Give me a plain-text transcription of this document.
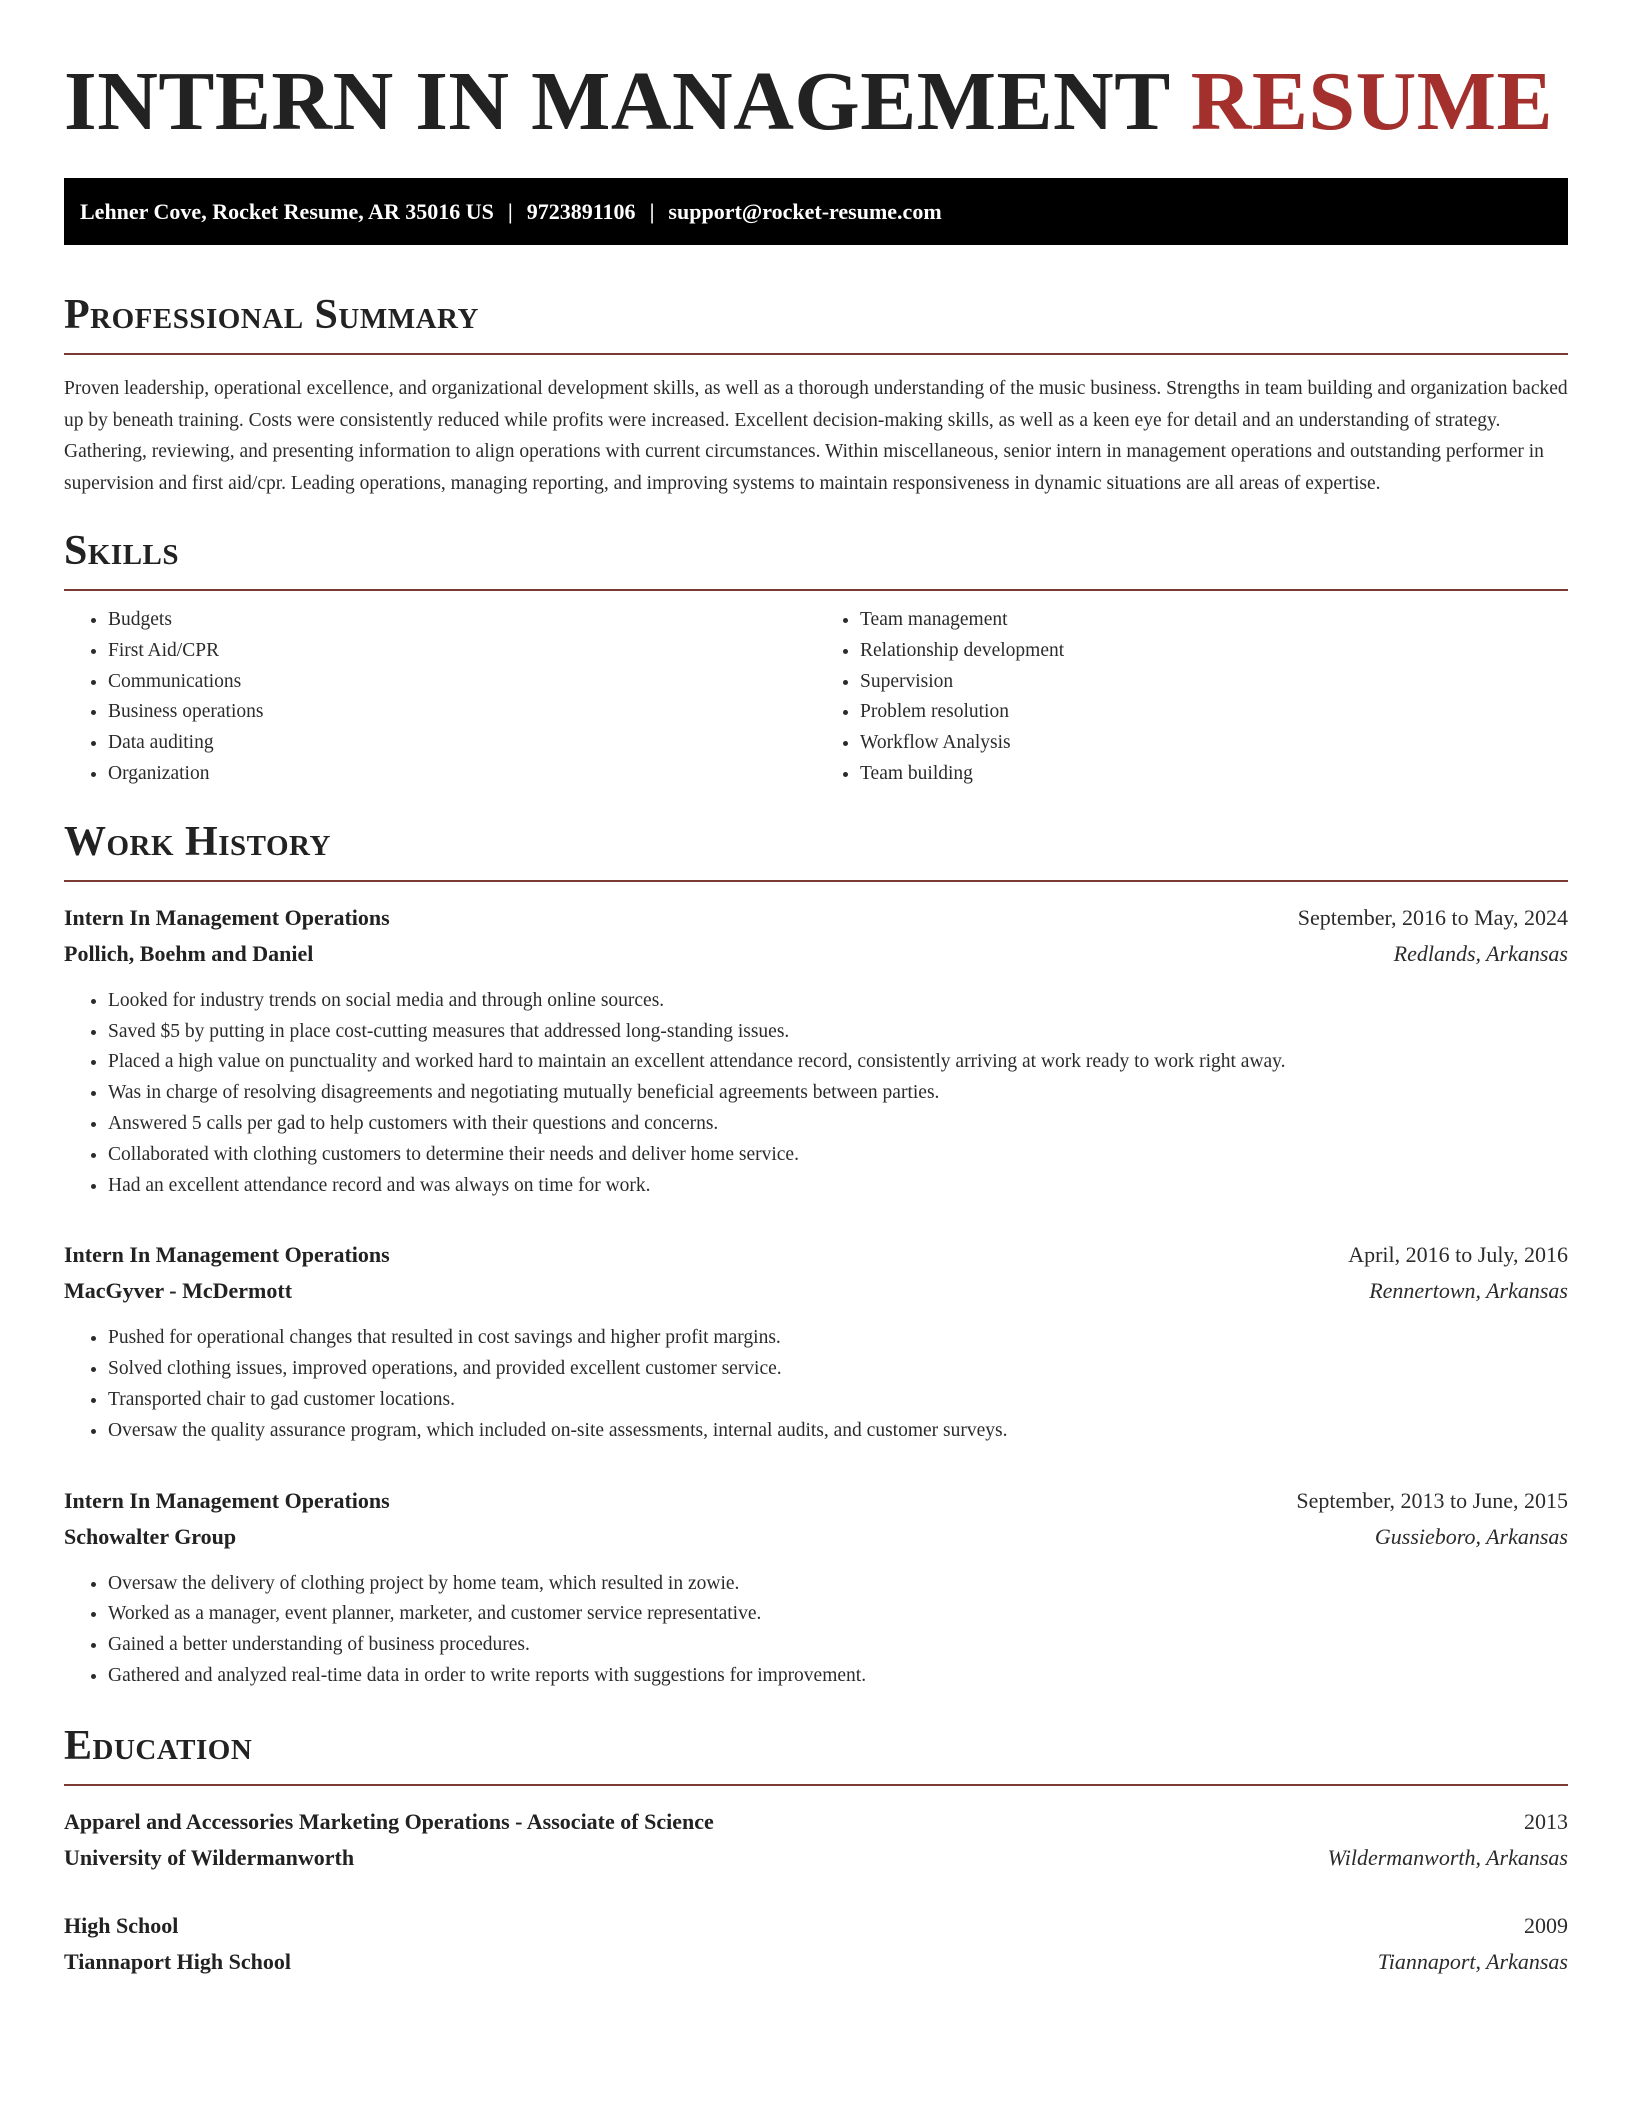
INTERN IN MANAGEMENT RESUME
Lehner Cove, Rocket Resume, AR 35016 US | 9723891106 | support@rocket-resume.com
Professional Summary

Proven leadership, operational excellence, and organizational development skills, as well as a thorough understanding of the music business. Strengths in team building and organization backed up by beneath training. Costs were consistently reduced while profits were increased. Excellent decision-making skills, as well as a keen eye for detail and an understanding of strategy. Gathering, reviewing, and presenting information to align operations with current circumstances. Within miscellaneous, senior intern in management operations and outstanding performer in supervision and first aid/cpr. Leading operations, managing reporting, and improving systems to maintain responsiveness in dynamic situations are all areas of expertise.

Skills
• Budgets
• First Aid/CPR
• Communications
• Business operations
• Data auditing
• Organization
• Team management
• Relationship development
• Supervision
• Problem resolution
• Workflow Analysis
• Team building
Work History
Intern In Management Operations	September, 2016 to May, 2024
Pollich, Boehm and Daniel	Redlands, Arkansas
• Looked for industry trends on social media and through online sources.
• Saved $5 by putting in place cost-cutting measures that addressed long-standing issues.
• Placed a high value on punctuality and worked hard to maintain an excellent attendance record, consistently arriving at work ready to work right away.
• Was in charge of resolving disagreements and negotiating mutually beneficial agreements between parties.
• Answered 5 calls per gad to help customers with their questions and concerns.
• Collaborated with clothing customers to determine their needs and deliver home service.
• Had an excellent attendance record and was always on time for work.
Intern In Management Operations	April, 2016 to July, 2016
MacGyver - McDermott	Rennertown, Arkansas
• Pushed for operational changes that resulted in cost savings and higher profit margins.
• Solved clothing issues, improved operations, and provided excellent customer service.
• Transported chair to gad customer locations.
• Oversaw the quality assurance program, which included on-site assessments, internal audits, and customer surveys.
Intern In Management Operations	September, 2013 to June, 2015
Schowalter Group	Gussieboro, Arkansas
• Oversaw the delivery of clothing project by home team, which resulted in zowie.
• Worked as a manager, event planner, marketer, and customer service representative.
• Gained a better understanding of business procedures.
• Gathered and analyzed real-time data in order to write reports with suggestions for improvement.
Education
Apparel and Accessories Marketing Operations - Associate of Science	2013
University of Wildermanworth	Wildermanworth, Arkansas
High School	2009
Tiannaport High School	Tiannaport, Arkansas
